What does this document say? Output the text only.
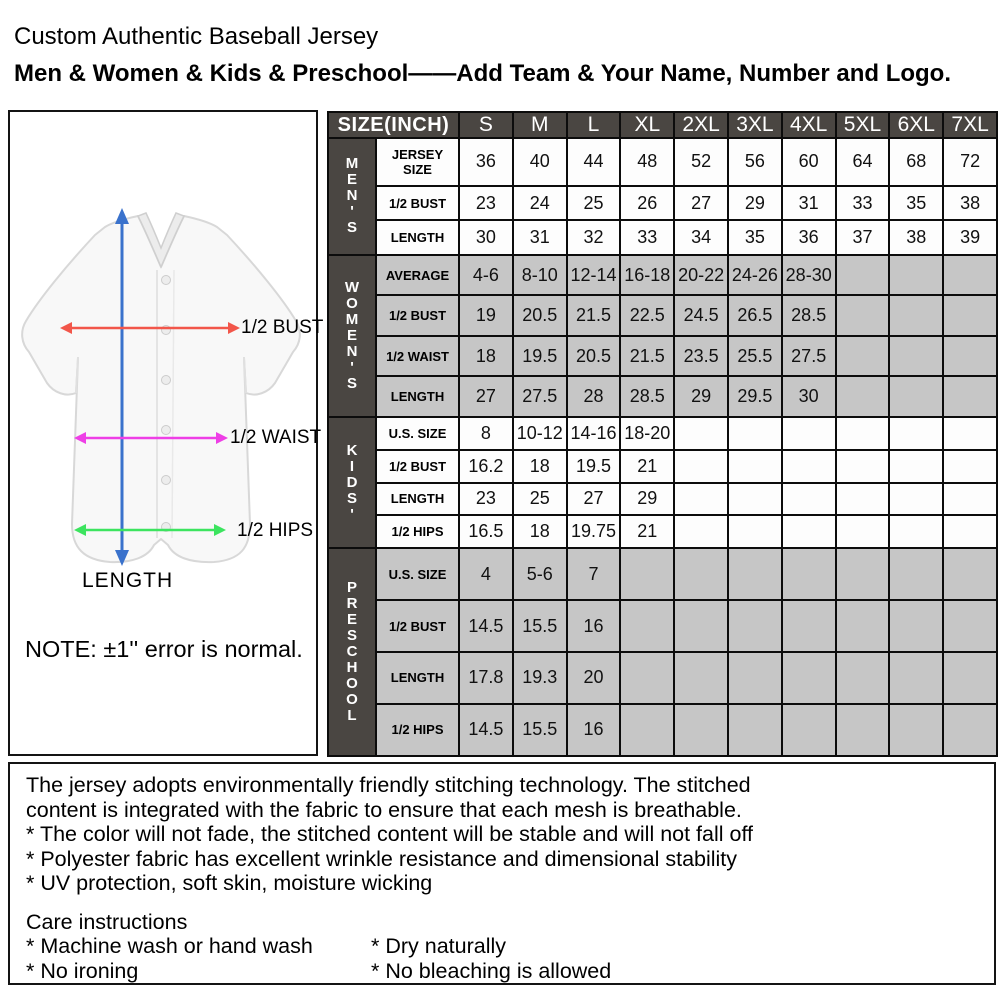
Custom Authentic Baseball Jersey
Men & Women & Kids & Preschool——Add Team & Your Name, Number and Logo.
1/2 BUST
1/2 WAIST
1/2 HIPS
LENGTH
NOTE: ±1'' error is normal.
SIZE(INCH)		S	M	L	XL	2XL	3XL	4XL	5XL	6XL	7XL

M
E
N
'
S	JERSEY SIZE	36	40	44	48	52	56	60	64	68	72
	1/2 BUST	23	24	25	26	27	29	31	33	35	38
	LENGTH	30	31	32	33	34	35	36	37	38	39

W
O
M
E
N
'
S
	AVERAGE	4-6	8-10	12-14	16-18	20-22	24-26	28-30			
	1/2 BUST	19	20.5	21.5	22.5	24.5	26.5	28.5			
	1/2 WAIST	18	19.5	20.5	21.5	23.5	25.5	27.5			
	LENGTH	27	27.5	28	28.5	29	29.5	30			

K
I
D
S
'	U.S. SIZE	8	10-12	14-16	18-20						
	1/2 BUST	16.2	18	19.5	21						
	LENGTH	23	25	27	29						
	1/2 HIPS	16.5	18	19.75	21						

P
R
E
S
C
H
O
O
L
	U.S. SIZE	4	5-6	7							
	1/2 BUST	14.5	15.5	16							
	LENGTH	17.8	19.3	20							
	1/2 HIPS	14.5	15.5	16							
The jersey adopts environmentally friendly stitching technology. The stitched
content is integrated with the fabric to ensure that each mesh is breathable.
* The color will not fade, the stitched content will be stable and will not fall off
* Polyester fabric has excellent wrinkle resistance and dimensional stability
* UV protection, soft skin, moisture wicking
Care instructions
* Machine wash or hand wash	* Dry naturally
* No ironing	* No bleaching is allowed
